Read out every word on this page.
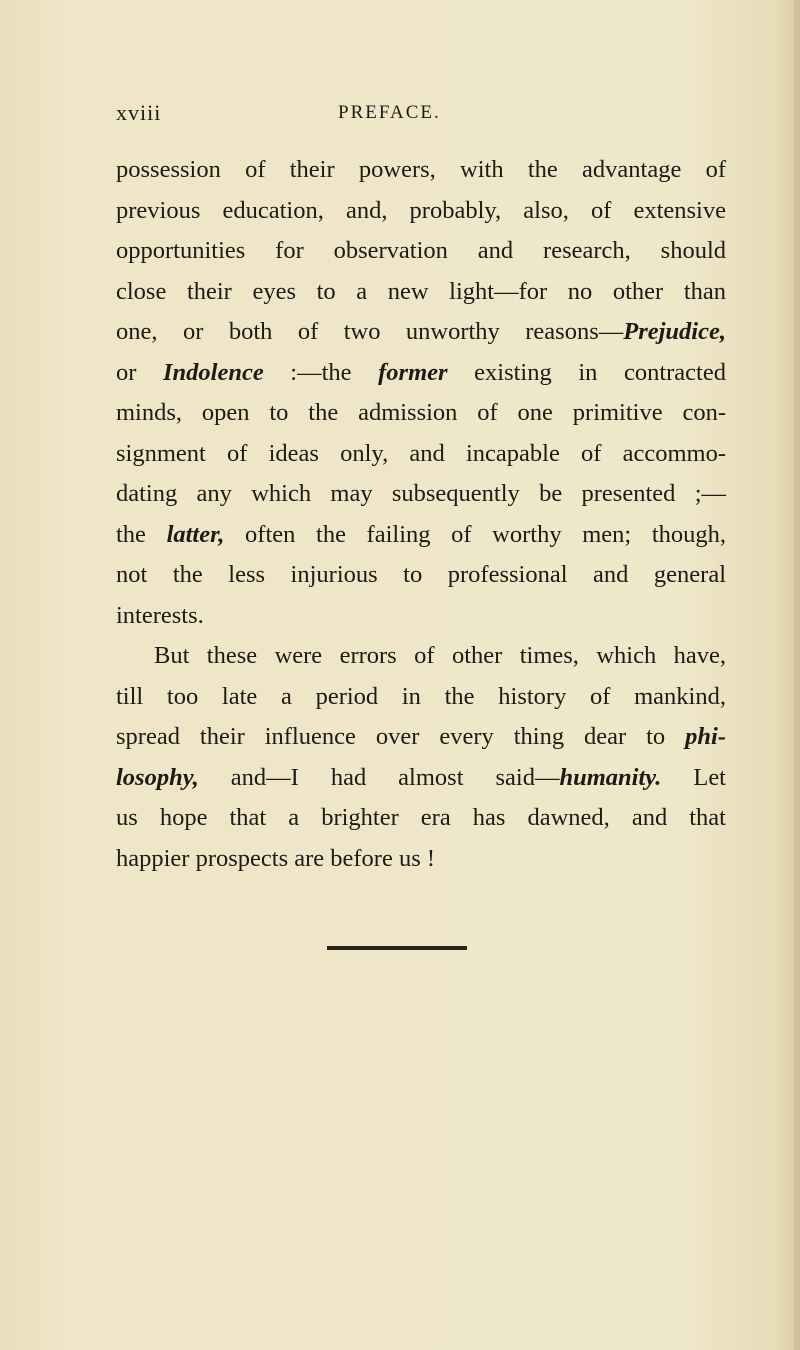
xviii	PREFACE.
possession of their powers, with the advantage of
previous education, and, probably, also, of extensive
opportunities for observation and research, should
close their eyes to a new light—for no other than
one, or both of two unworthy reasons—Prejudice,
or Indolence :—the former existing in contracted
minds, open to the admission of one primitive con-
signment of ideas only, and incapable of accommo-
dating any which may subsequently be presented ;—
the latter, often the failing of worthy men; though,
not the less injurious to professional and general
interests.
But these were errors of other times, which have,
till too late a period in the history of mankind,
spread their influence over every thing dear to phi-
losophy, and—I had almost said—humanity. Let
us hope that a brighter era has dawned, and that
happier prospects are before us !
